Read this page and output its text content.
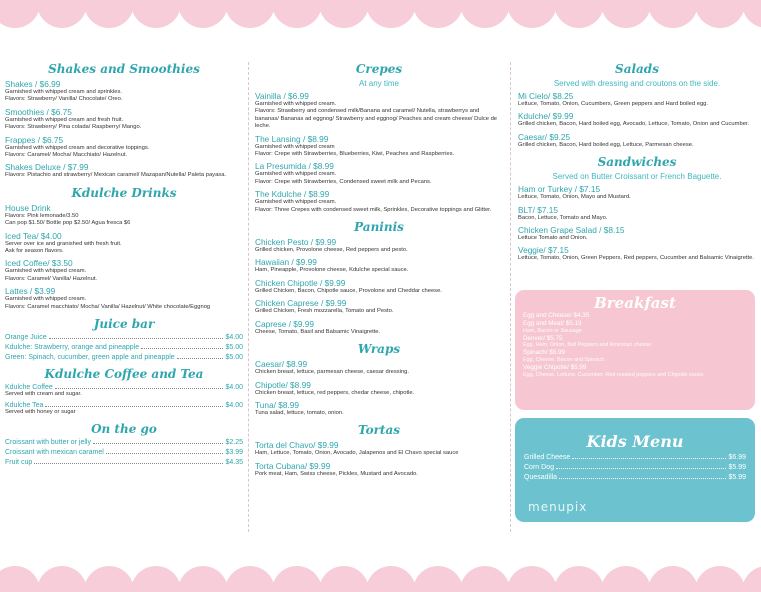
Shakes and Smoothies
Shakes / $6.99
Garnished with whipped cream and sprinkles.
Flavors: Strawberry/ Vanilla/ Chocolate/ Oreo.
Smoothies / $6.75
Garnished with whipped cream and fresh fruit.
Flavors: Strawberry/ Pina colada/ Raspberry/ Mango.
Frappes / $6.75
Garnished with whipped cream and decorative toppings.
Flavors: Caramel/ Mocha/ Macchiato/ Hazelnut.
Shakes Deluxe / $7.99
Flavors: Pistachio and strawberry/ Mexican caramel/ Mazapan/Nutella/ Paleta payasa.
Kdulche Drinks
House Drink
Flavors: Pink lemonade/3.50
Can pop $1.50/ Bottle pop $2.50/ Agua fresca $6
Iced Tea/ $4.00
Server over ice and granished with fresh fruit.
Ask for season flavors.
Iced Coffee/ $3.50
Garnished with whipped cream.
Flavors: Caramel/ Vanilla/ Hazelnut.
Lattes / $3.99
Garnished with whipped cream.
Flavors: Caramel macchiato/ Mocha/ Vanilla/ Hazelnut/ White chocolate/Eggnog
Juice bar
Orange Juice	$4.00
Kdulche: Strawberry, orange and pineapple	$5.00
Green: Spinach, cucumber, green apple and pineapple	$5.00
Kdulche Coffee and Tea
Kdulche Coffee	$4.00
Served with cream and sugar.
Kdulche Tea	$4.00
Served with honey or sugar
On the go
Croissant with butter or jelly	$2.25
Croissant with mexican caramel	$3.99
Fruit cup	$4.35
Crepes
At any time
Vainilla / $6.99
Garnished with whipped cream.
Flavors: Strawberry and condensed milk/Banana and caramel/ Nutella, strawberrys and bananas/ Bananas ad eggnog/ Strawberry and eggnog/ Peaches and cream cheese/ Dulce de leche.
The Lansing / $8.99
Garnished with whipped cream
Flavor: Crepe with Strawberries, Blueberries, Kiwi, Peaches and Raspberries.
La Presumida / $8.99
Garnished with whipped cream.
Flavor: Crepe with Strawberries, Condensed sweet milk and Pecans.
The Kdulche / $8.99
Garnished with whipped cream.
Flavor: Three Crepes with condensed sweet milk, Sprinkles, Decorative toppings and Glitter.
Paninis
Chicken Pesto / $9.99
Grilled chicken, Provolone cheese, Red peppers and pesto.
Hawaiian / $9.99
Ham, Pineapple, Provolone cheese, Kdulche special sauce.
Chicken Chipotle / $9.99
Grilled Chicken, Bacon, Chipotle sauce, Provolone and Cheddar cheese.
Chicken Caprese / $9.99
Grilled Chicken, Fresh mozzarella, Tomato and Pesto.
Caprese / $9.99
Cheese, Tomato, Basil and Balsamic Vinaigrette.
Wraps
Caesar/ $8.99
Chicken breast, lettuce, parmesan cheese, caesar dressing.
Chipotle/ $8.99
Chicken breast, lettuce, red peppers, chedar cheese, chipotle.
Tuna/ $8.99
Tuna salad, lettuce, tomato, onion.
Tortas
Torta del Chavo/ $9.99
Ham, Lettuce, Tomato, Onion, Avocado, Jalapenos and El Chavo special sauce
Torta Cubana/ $9.99
Pork meat, Ham, Swiss cheese, Pickles, Mustard and Avocado.
Salads
Served with dressing and croutons on the side.
Mi Cielo/ $8.25
Lettuce, Tomato, Onion, Cucumbers, Green peppers and Hard boiled egg.
Kdulche/ $9.99
Grilled chicken, Bacon, Hard boiled egg, Avocado, Lettuce, Tomato, Onion and Cucumber.
Caesar/ $9.25
Grilled chicken, Bacon, Hard boiled egg, Lettuce, Parmesan cheese.
Sandwiches
Served on Butter Croissant or French Baguette.
Ham or Turkey / $7.15
Lettuce, Tomato, Onion, Mayo and Mustard.
BLT/ $7.15
Bacon, Lettuce, Tomato and Mayo.
Chicken Grape Salad / $8.15
Lettuce Tomato and Onion.
Veggie/ $7.15
Lettuce, Tomato, Onion, Green Peppers, Red peppers, Cucumber and Balsamic Vinaigrette.
Breakfast
Egg and Cheese/ $4.35
Egg and Meat/ $5.19
Ham, Bacon or Sausage
Denver/ $5.75
Egg, Ham, Onion, Bell Peppers and American cheese.
Spinach/ $5.99
Egg, Cheese, Bacon and Spinach.
Veggie Chipotle/ $5.99
Egg, Cheese, Lettuce, Cucumber, Red roasted peppers and Chipotle sauce.
Kids Menu
Grilled Cheese	$6.99
Corn Dog	$5.99
Quesadilla	$5.99
menupix
